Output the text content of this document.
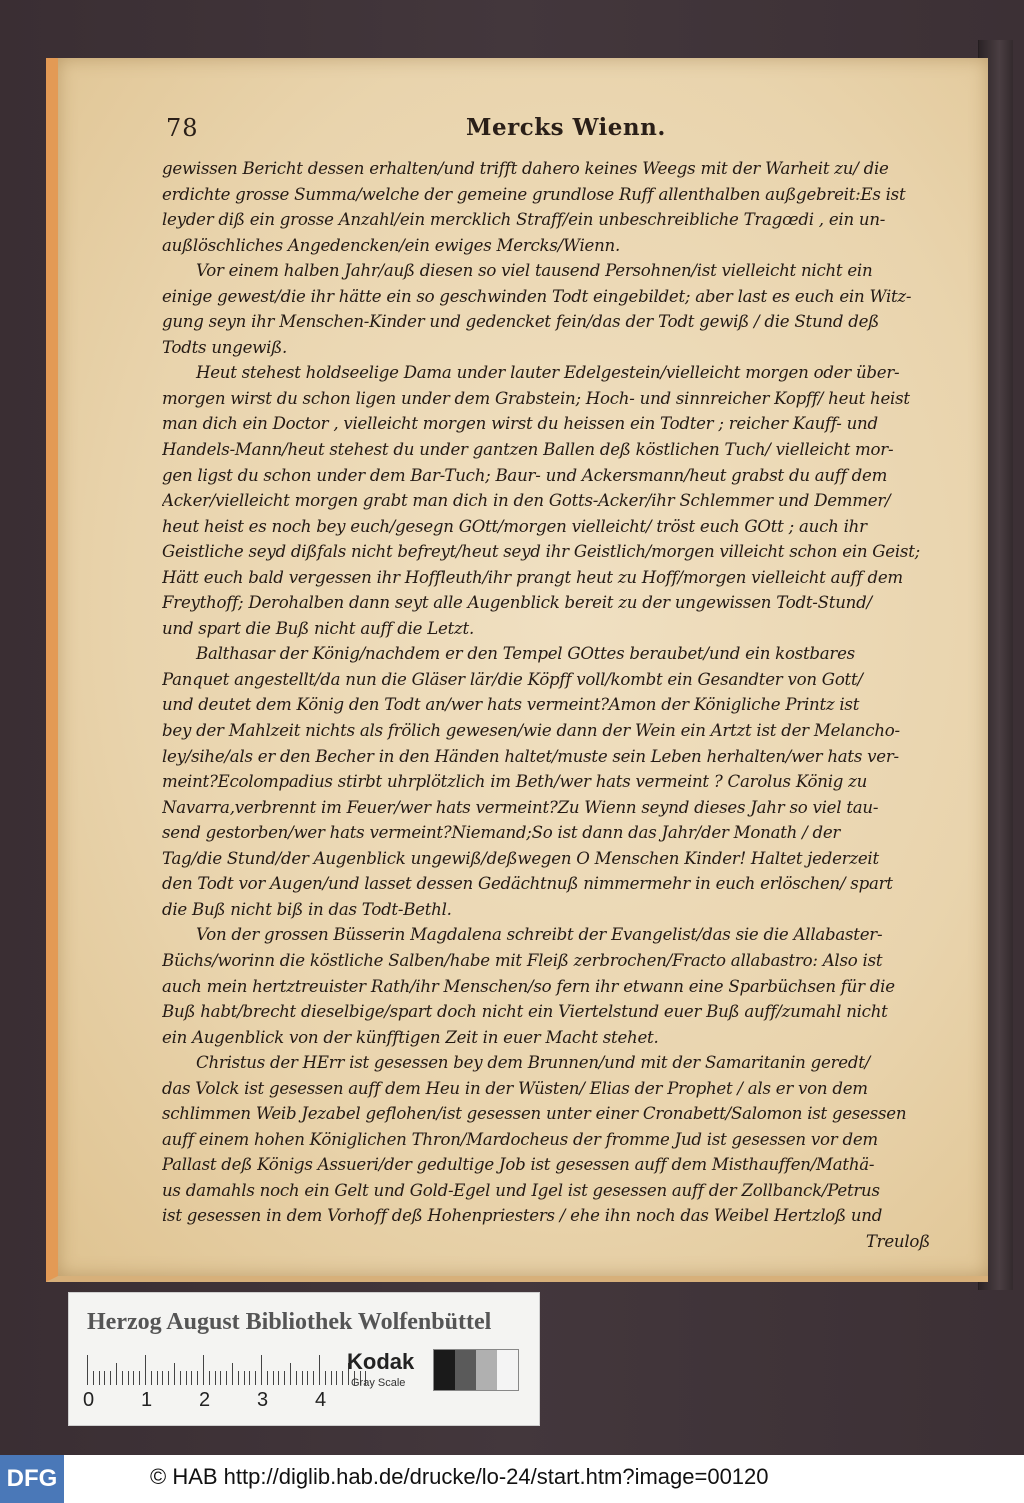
78	Mercks Wienn.
gewissen Bericht dessen erhalten/und trifft dahero keines Weegs mit der Warheit zu/ die
erdichte grosse Summa/welche der gemeine grundlose Ruff allenthalben außgebreit:Es ist
leyder diß ein grosse Anzahl/ein mercklich Straff/ein unbeschreibliche Tragœdi , ein un-
außlöschliches Angedencken/ein ewiges Mercks/Wienn.
Vor einem halben Jahr/auß diesen so viel tausend Persohnen/ist vielleicht nicht ein
einige gewest/die ihr hätte ein so geschwinden Todt eingebildet; aber last es euch ein Witz-
gung seyn ihr Menschen-Kinder und gedencket fein/das der Todt gewiß / die Stund deß
Todts ungewiß.
Heut stehest holdseelige Dama under lauter Edelgestein/vielleicht morgen oder über-
morgen wirst du schon ligen under dem Grabstein; Hoch- und sinnreicher Kopff/ heut heist
man dich ein Doctor , vielleicht morgen wirst du heissen ein Todter ; reicher Kauff- und
Handels-Mann/heut stehest du under gantzen Ballen deß köstlichen Tuch/ vielleicht mor-
gen ligst du schon under dem Bar-Tuch; Baur- und Ackersmann/heut grabst du auff dem
Acker/vielleicht morgen grabt man dich in den Gotts-Acker/ihr Schlemmer und Demmer/
heut heist es noch bey euch/gesegn GOtt/morgen vielleicht/ tröst euch GOtt ; auch ihr
Geistliche seyd dißfals nicht befreyt/heut seyd ihr Geistlich/morgen villeicht schon ein Geist;
Hätt euch bald vergessen ihr Hoffleuth/ihr prangt heut zu Hoff/morgen vielleicht auff dem
Freythoff; Derohalben dann seyt alle Augenblick bereit zu der ungewissen Todt-Stund/
und spart die Buß nicht auff die Letzt.
Balthasar der König/nachdem er den Tempel GOttes beraubet/und ein kostbares
Panquet angestellt/da nun die Gläser lär/die Köpff voll/kombt ein Gesandter von Gott/
und deutet dem König den Todt an/wer hats vermeint?Amon der Königliche Printz ist
bey der Mahlzeit nichts als frölich gewesen/wie dann der Wein ein Artzt ist der Melancho-
ley/sihe/als er den Becher in den Händen haltet/muste sein Leben herhalten/wer hats ver-
meint?Ecolompadius stirbt uhrplötzlich im Beth/wer hats vermeint ? Carolus König zu
Navarra,verbrennt im Feuer/wer hats vermeint?Zu Wienn seynd dieses Jahr so viel tau-
send gestorben/wer hats vermeint?Niemand;So ist dann das Jahr/der Monath / der
Tag/die Stund/der Augenblick ungewiß/deßwegen O Menschen Kinder! Haltet jederzeit
den Todt vor Augen/und lasset dessen Gedächtnuß nimmermehr in euch erlöschen/ spart
die Buß nicht biß in das Todt-Bethl.
Von der grossen Büsserin Magdalena schreibt der Evangelist/das sie die Allabaster-
Büchs/worinn die köstliche Salben/habe mit Fleiß zerbrochen/Fracto allabastro: Also ist
auch mein hertztreuister Rath/ihr Menschen/so fern ihr etwann eine Sparbüchsen für die
Buß habt/brecht dieselbige/spart doch nicht ein Viertelstund euer Buß auff/zumahl nicht
ein Augenblick von der künfftigen Zeit in euer Macht stehet.
Christus der HErr ist gesessen bey dem Brunnen/und mit der Samaritanin geredt/
das Volck ist gesessen auff dem Heu in der Wüsten/ Elias der Prophet / als er von dem
schlimmen Weib Jezabel geflohen/ist gesessen unter einer Cronabett/Salomon ist gesessen
auff einem hohen Königlichen Thron/Mardocheus der fromme Jud ist gesessen vor dem
Pallast deß Königs Assueri/der gedultige Job ist gesessen auff dem Misthauffen/Mathä-
us damahls noch ein Gelt und Gold-Egel und Igel ist gesessen auff der Zollbanck/Petrus
ist gesessen in dem Vorhoff deß Hohenpriesters / ehe ihn noch das Weibel Hertzloß und
Treuloß
Herzog August Bibliothek Wolfenbüttel
0 1 2 3 4
Kodak
Gray Scale
DFG	© HAB http://diglib.hab.de/drucke/lo-24/start.htm?image=00120
